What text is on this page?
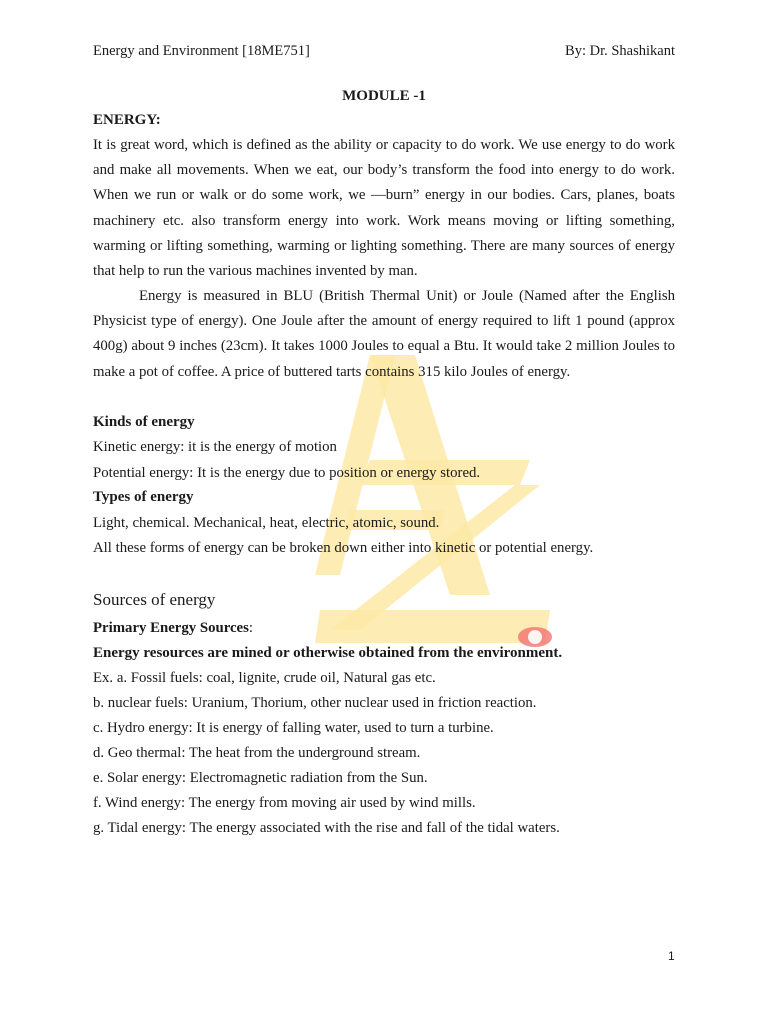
Energy and Environment [18ME751]	By: Dr. Shashikant
MODULE -1
ENERGY:
It is great word, which is defined as the ability or capacity to do work. We use energy to do work and make all movements. When we eat, our body’s transform the food into energy to do work. When we run or walk or do some work, we ―burn” energy in our bodies. Cars, planes, boats machinery etc. also transform energy into work. Work means moving or lifting something, warming or lifting something, warming or lighting something. There are many sources of energy that help to run the various machines invented by man.
Energy is measured in BLU (British Thermal Unit) or Joule (Named after the English Physicist type of energy). One Joule after the amount of energy required to lift 1 pound (approx 400g) about 9 inches (23cm). It takes 1000 Joules to equal a Btu. It would take 2 million Joules to make a pot of coffee. A price of buttered tarts contains 315 kilo Joules of energy.
Kinds of energy
Kinetic energy: it is the energy of motion
Potential energy: It is the energy due to position or energy stored.
Types of energy
Light, chemical. Mechanical, heat, electric, atomic, sound.
All these forms of energy can be broken down either into kinetic or potential energy.
Sources of energy
Primary Energy Sources:
Energy resources are mined or otherwise obtained from the environment.
Ex. a. Fossil fuels: coal, lignite, crude oil, Natural gas etc.
b. nuclear fuels: Uranium, Thorium, other nuclear used in friction reaction.
c. Hydro energy: It is energy of falling water, used to turn a turbine.
d. Geo thermal: The heat from the underground stream.
e. Solar energy: Electromagnetic radiation from the Sun.
f. Wind energy: The energy from moving air used by wind mills.
g. Tidal energy: The energy associated with the rise and fall of the tidal waters.
1
